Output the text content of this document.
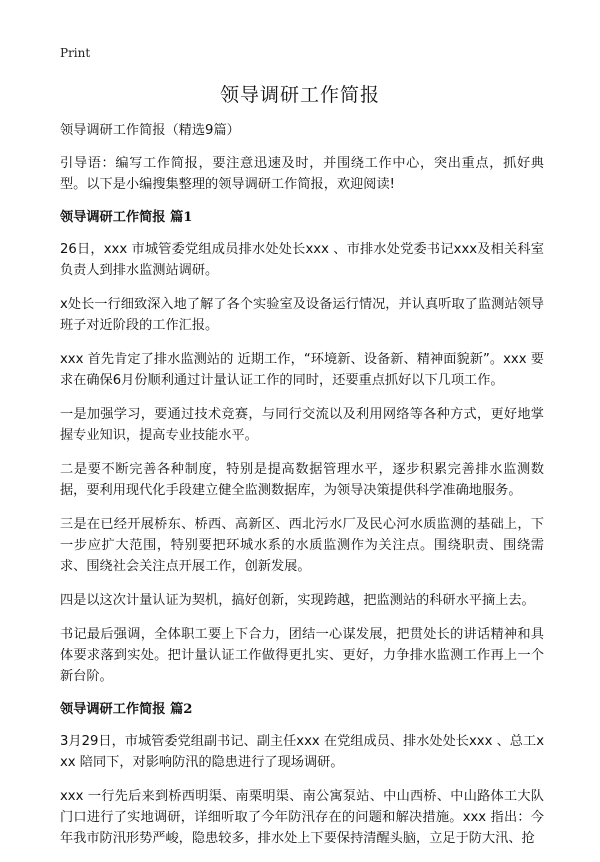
Print
领导调研工作简报

领导调研工作简报（精选9篇）

引导语：编写工作简报，要注意迅速及时，并围绕工作中心，突出重点，抓好典型。以下是小编搜集整理的领导调研工作简报，欢迎阅读!

领导调研工作简报 篇1

26日，xxx 市城管委党组成员排水处处长xxx 、市排水处党委书记xxx及相关科室负责人到排水监测站调研。

x处长一行细致深入地了解了各个实验室及设备运行情况，并认真听取了监测站领导班子对近阶段的工作汇报。

xxx 首先肯定了排水监测站的 近期工作，“环境新、设备新、精神面貌新”。xxx 要求在确保6月份顺利通过计量认证工作的同时，还要重点抓好以下几项工作。

一是加强学习，要通过技术竞赛，与同行交流以及利用网络等各种方式，更好地掌握专业知识，提高专业技能水平。

二是要不断完善各种制度，特别是提高数据管理水平，逐步积累完善排水监测数据，要利用现代化手段建立健全监测数据库，为领导决策提供科学准确地服务。

三是在已经开展桥东、桥西、高新区、西北污水厂及民心河水质监测的基础上，下一步应扩大范围，特别要把环城水系的水质监测作为关注点。围绕职责、围绕需求、围绕社会关注点开展工作，创新发展。

四是以这次计量认证为契机，搞好创新，实现跨越，把监测站的科研水平摘上去。

书记最后强调，全体职工要上下合力，团结一心谋发展，把贯处长的讲话精神和具体要求落到实处。把计量认证工作做得更扎实、更好，力争排水监测工作再上一个新台阶。

领导调研工作简报 篇2

3月29日，市城管委党组副书记、副主任xxx 在党组成员、排水处处长xxx 、总工xxx 陪同下，对影响防汛的隐患进行了现场调研。

xxx 一行先后来到桥西明渠、南栗明渠、南公寓泵站、中山西桥、中山路体工大队门口进行了实地调研，详细听取了今年防汛存在的问题和解决措施。xxx 指出：今年我市防汛形势严峻，隐患较多，排水处上下要保持清醒头脑，立足于防大汛、抢
